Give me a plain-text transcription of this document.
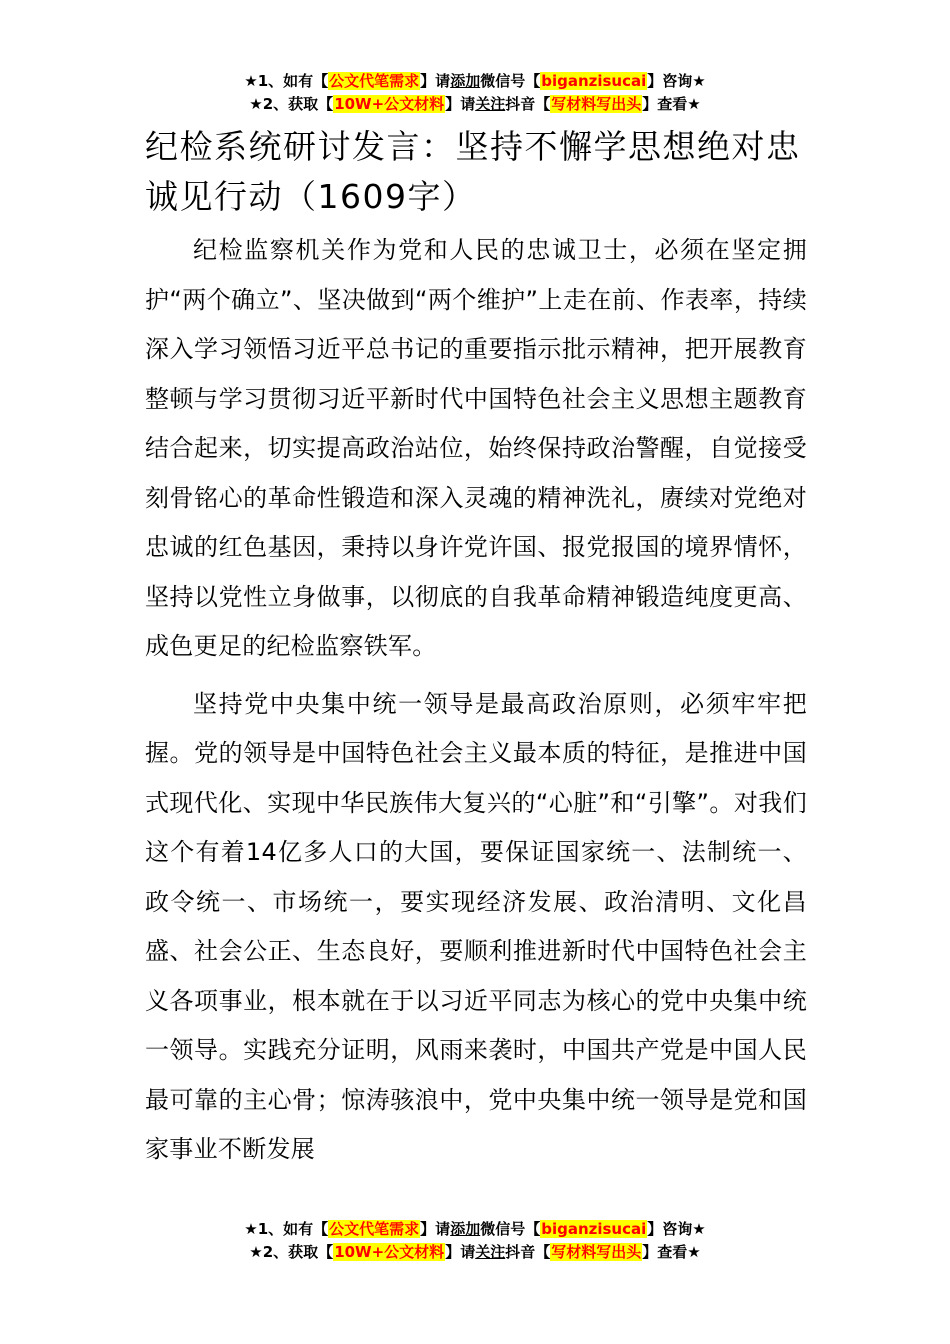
★1、如有【公文代笔需求】请添加微信号【biganzisucai】咨询★
★2、获取【10W+公文材料】请关注抖音【写材料写出头】查看★
纪检系统研讨发言：坚持不懈学思想绝对忠诚见行动（1609字）

纪检监察机关作为党和人民的忠诚卫士，必须在坚定拥护“两个确立”、坚决做到“两个维护”上走在前、作表率，持续深入学习领悟习近平总书记的重要指示批示精神，把开展教育整顿与学习贯彻习近平新时代中国特色社会主义思想主题教育结合起来，切实提高政治站位，始终保持政治警醒，自觉接受刻骨铭心的革命性锻造和深入灵魂的精神洗礼，赓续对党绝对忠诚的红色基因，秉持以身许党许国、报党报国的境界情怀，坚持以党性立身做事，以彻底的自我革命精神锻造纯度更高、成色更足的纪检监察铁军。

坚持党中央集中统一领导是最高政治原则，必须牢牢把握。党的领导是中国特色社会主义最本质的特征，是推进中国式现代化、实现中华民族伟大复兴的“心脏”和“引擎”。对我们这个有着14亿多人口的大国，要保证国家统一、法制统一、政令统一、市场统一，要实现经济发展、政治清明、文化昌盛、社会公正、生态良好，要顺利推进新时代中国特色社会主义各项事业，根本就在于以习近平同志为核心的党中央集中统一领导。实践充分证明，风雨来袭时，中国共产党是中国人民最可靠的主心骨；惊涛骇浪中，党中央集中统一领导是党和国家事业不断发展

★1、如有【公文代笔需求】请添加微信号【biganzisucai】咨询★
★2、获取【10W+公文材料】请关注抖音【写材料写出头】查看★
